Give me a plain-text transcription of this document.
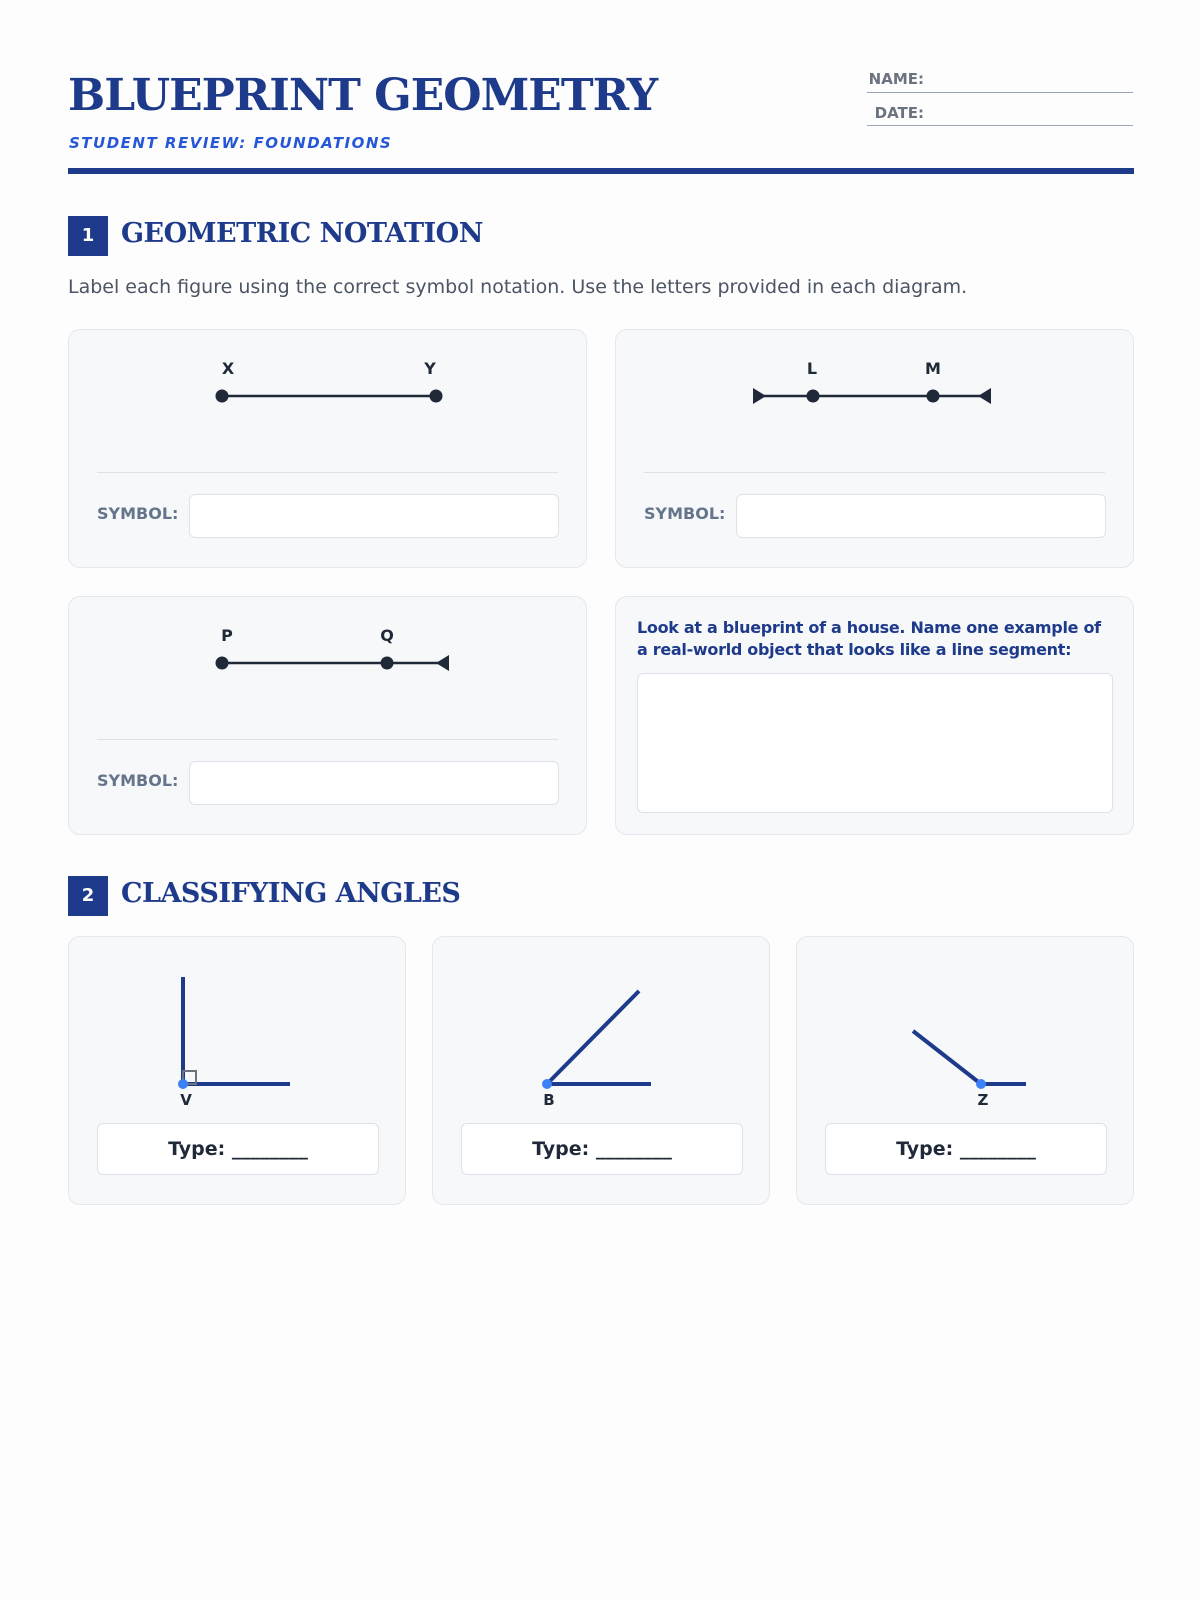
BLUEPRINT GEOMETRY
STUDENT REVIEW: FOUNDATIONS
NAME:
DATE:
1 GEOMETRIC NOTATION
Label each figure using the correct symbol notation. Use the letters provided in each diagram.
X	Y
SYMBOL:
L	M
SYMBOL:
P	Q
SYMBOL:
Look at a blueprint of a house. Name one example of a real-world object that looks like a line segment:
2 CLASSIFYING ANGLES
V
Type: ________
B
Type: ________
Z
Type: ________
